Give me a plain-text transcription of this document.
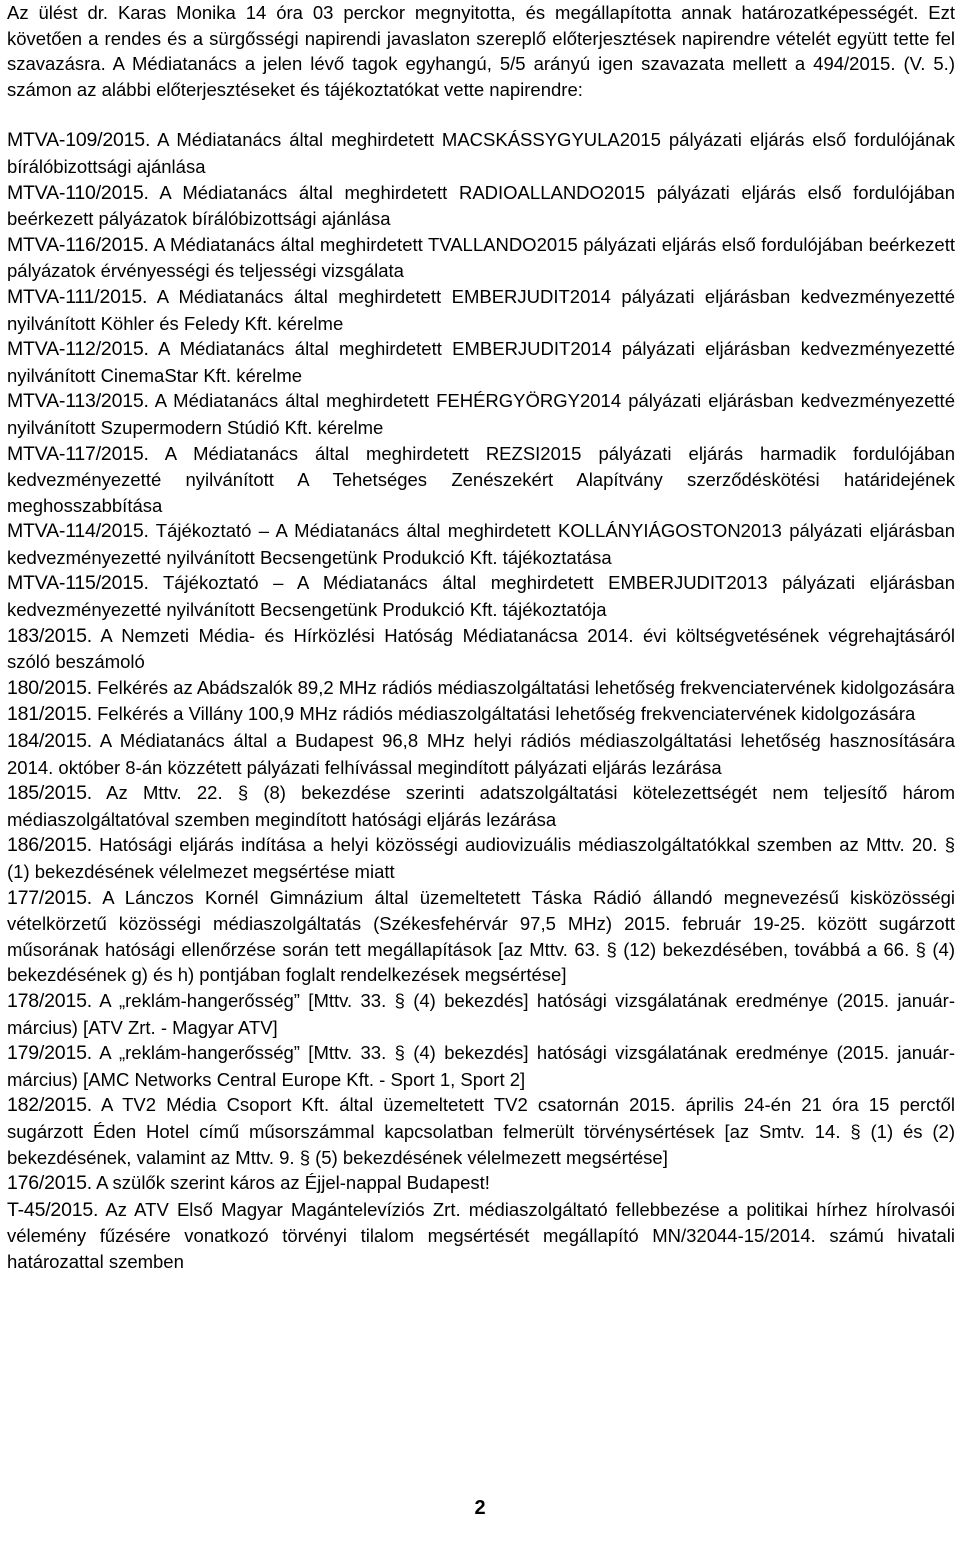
Az ülést dr. Karas Monika 14 óra 03 perckor megnyitotta, és megállapította annak határozatképességét. Ezt követően a rendes és a sürgősségi napirendi javaslaton szereplő előterjesztések napirendre vételét együtt tette fel szavazásra. A Médiatanács a jelen lévő tagok egyhangú, 5/5 arányú igen szavazata mellett a 494/2015. (V. 5.) számon az alábbi előterjesztéseket és tájékoztatókat vette napirendre:

MTVA-109/2015. A Médiatanács által meghirdetett MACSKÁSSYGYULA2015 pályázati eljárás első fordulójának bírálóbizottsági ajánlása

MTVA-110/2015. A Médiatanács által meghirdetett RADIOALLANDO2015 pályázati eljárás első fordulójában beérkezett pályázatok bírálóbizottsági ajánlása

MTVA-116/2015. A Médiatanács által meghirdetett TVALLANDO2015 pályázati eljárás első fordulójában beérkezett pályázatok érvényességi és teljességi vizsgálata

MTVA-111/2015. A Médiatanács által meghirdetett EMBERJUDIT2014 pályázati eljárásban kedvezményezetté nyilvánított Köhler és Feledy Kft. kérelme

MTVA-112/2015. A Médiatanács által meghirdetett EMBERJUDIT2014 pályázati eljárásban kedvezményezetté nyilvánított CinemaStar Kft. kérelme

MTVA-113/2015. A Médiatanács által meghirdetett FEHÉRGYÖRGY2014 pályázati eljárásban kedvezményezetté nyilvánított Szupermodern Stúdió Kft. kérelme

MTVA-117/2015. A Médiatanács által meghirdetett REZSI2015 pályázati eljárás harmadik fordulójában kedvezményezetté nyilvánított A Tehetséges Zenészekért Alapítvány szerződéskötési határidejének meghosszabbítása

MTVA-114/2015. Tájékoztató – A Médiatanács által meghirdetett KOLLÁNYIÁGOSTON2013 pályázati eljárásban kedvezményezetté nyilvánított Becsengetünk Produkció Kft. tájékoztatása

MTVA-115/2015. Tájékoztató – A Médiatanács által meghirdetett EMBERJUDIT2013 pályázati eljárásban kedvezményezetté nyilvánított Becsengetünk Produkció Kft. tájékoztatója

183/2015. A Nemzeti Média- és Hírközlési Hatóság Médiatanácsa 2014. évi költségvetésének végrehajtásáról szóló beszámoló

180/2015. Felkérés az Abádszalók 89,2 MHz rádiós médiaszolgáltatási lehetőség frekvenciatervének kidolgozására

181/2015. Felkérés a Villány 100,9 MHz rádiós médiaszolgáltatási lehetőség frekvenciatervének kidolgozására

184/2015. A Médiatanács által a Budapest 96,8 MHz helyi rádiós médiaszolgáltatási lehetőség hasznosítására 2014. október 8-án közzétett pályázati felhívással megindított pályázati eljárás lezárása

185/2015. Az Mttv. 22. § (8) bekezdése szerinti adatszolgáltatási kötelezettségét nem teljesítő három médiaszolgáltatóval szemben megindított hatósági eljárás lezárása

186/2015. Hatósági eljárás indítása a helyi közösségi audiovizuális médiaszolgáltatókkal szemben az Mttv. 20. § (1) bekezdésének vélelmezet megsértése miatt

177/2015. A Lánczos Kornél Gimnázium által üzemeltetett Táska Rádió állandó megnevezésű kisközösségi vételkörzetű közösségi médiaszolgáltatás (Székesfehérvár 97,5 MHz) 2015. február 19-25. között sugárzott műsorának hatósági ellenőrzése során tett megállapítások [az Mttv. 63. § (12) bekezdésében, továbbá a 66. § (4) bekezdésének g) és h) pontjában foglalt rendelkezések megsértése]

178/2015. A „reklám-hangerősség” [Mttv. 33. § (4) bekezdés] hatósági vizsgálatának eredménye (2015. január-március) [ATV Zrt. - Magyar ATV]

179/2015. A „reklám-hangerősség” [Mttv. 33. § (4) bekezdés] hatósági vizsgálatának eredménye (2015. január-március) [AMC Networks Central Europe Kft. - Sport 1, Sport 2]

182/2015. A TV2 Média Csoport Kft. által üzemeltetett TV2 csatornán 2015. április 24-én 21 óra 15 perctől sugárzott Éden Hotel című műsorszámmal kapcsolatban felmerült törvénysértések [az Smtv. 14. § (1) és (2) bekezdésének, valamint az Mttv. 9. § (5) bekezdésének vélelmezett megsértése]

176/2015. A szülők szerint káros az Éjjel-nappal Budapest!

T-45/2015. Az ATV Első Magyar Magántelevíziós Zrt. médiaszolgáltató fellebbezése a politikai hírhez hírolvasói vélemény fűzésére vonatkozó törvényi tilalom megsértését megállapító MN/32044-15/2014. számú hivatali határozattal szemben

2
